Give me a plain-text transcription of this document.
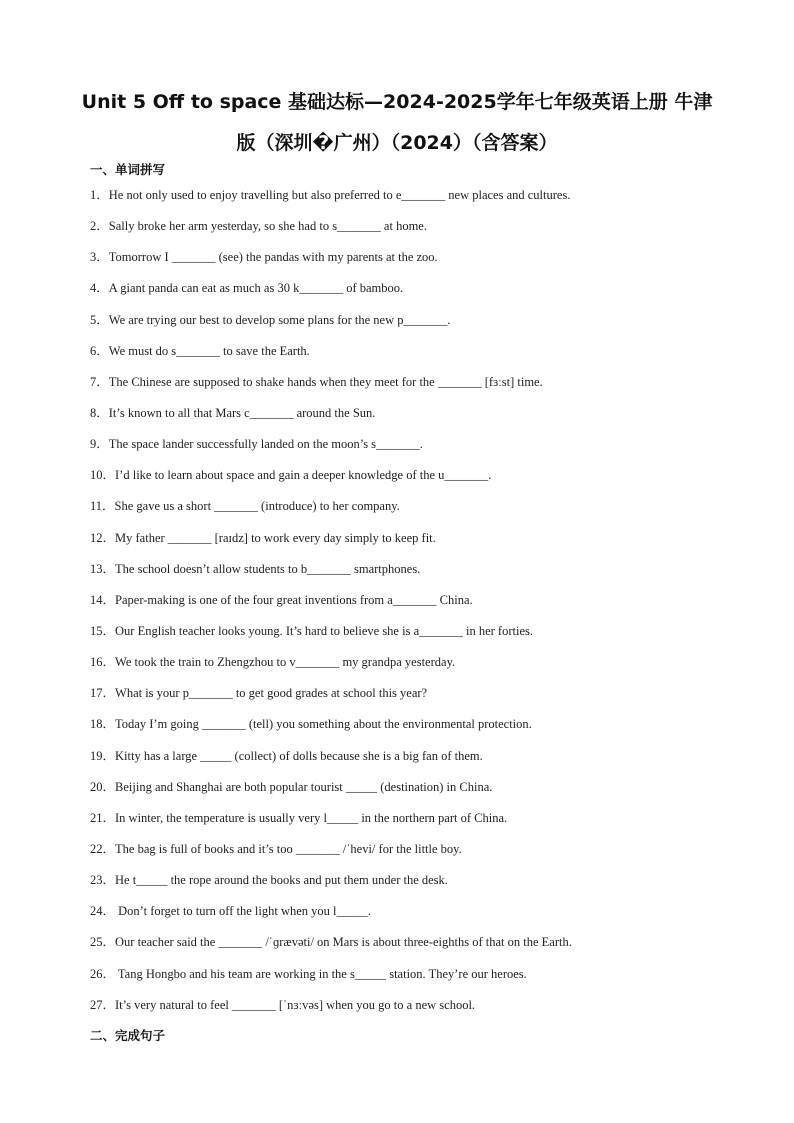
Unit 5 Off to space 基础达标—2024-2025学年七年级英语上册 牛津
版（深圳�广州）（2024）（含答案）
一、单词拼写
1．He not only used to enjoy travelling but also preferred to e_______ new places and cultures.
2．Sally broke her arm yesterday, so she had to s_______ at home.
3．Tomorrow I _______ (see) the pandas with my parents at the zoo.
4．A giant panda can eat as much as 30 k_______ of bamboo.
5．We are trying our best to develop some plans for the new p_______.
6．We must do s_______ to save the Earth.
7．The Chinese are supposed to shake hands when they meet for the _______ [fɜːst] time.
8．It’s known to all that Mars c_______ around the Sun.
9．The space lander successfully landed on the moon’s s_______.
10．I’d like to learn about space and gain a deeper knowledge of the u_______.
11．She gave us a short _______ (introduce) to her company.
12．My father _______ [raɪdz] to work every day simply to keep fit.
13．The school doesn’t allow students to b_______ smartphones.
14．Paper-making is one of the four great inventions from a_______ China.
15．Our English teacher looks young. It’s hard to believe she is a_______ in her forties.
16．We took the train to Zhengzhou to v_______ my grandpa yesterday.
17．What is your p_______ to get good grades at school this year?
18．Today I’m going _______ (tell) you something about the environmental protection.
19．Kitty has a large _____ (collect) of dolls because she is a big fan of them.
20．Beijing and Shanghai are both popular tourist _____ (destination) in China.
21．In winter, the temperature is usually very l_____ in the northern part of China.
22．The bag is full of books and it’s too _______ /ˈhevi/ for the little boy.
23．He t_____ the rope around the books and put them under the desk.
24． Don’t forget to turn off the light when you l_____.
25．Our teacher said the _______ /ˈɡrævəti/ on Mars is about three-eighths of that on the Earth.
26． Tang Hongbo and his team are working in the s_____ station. They’re our heroes.
27．It’s very natural to feel _______ [ˈnɜːvəs] when you go to a new school.
二、完成句子
